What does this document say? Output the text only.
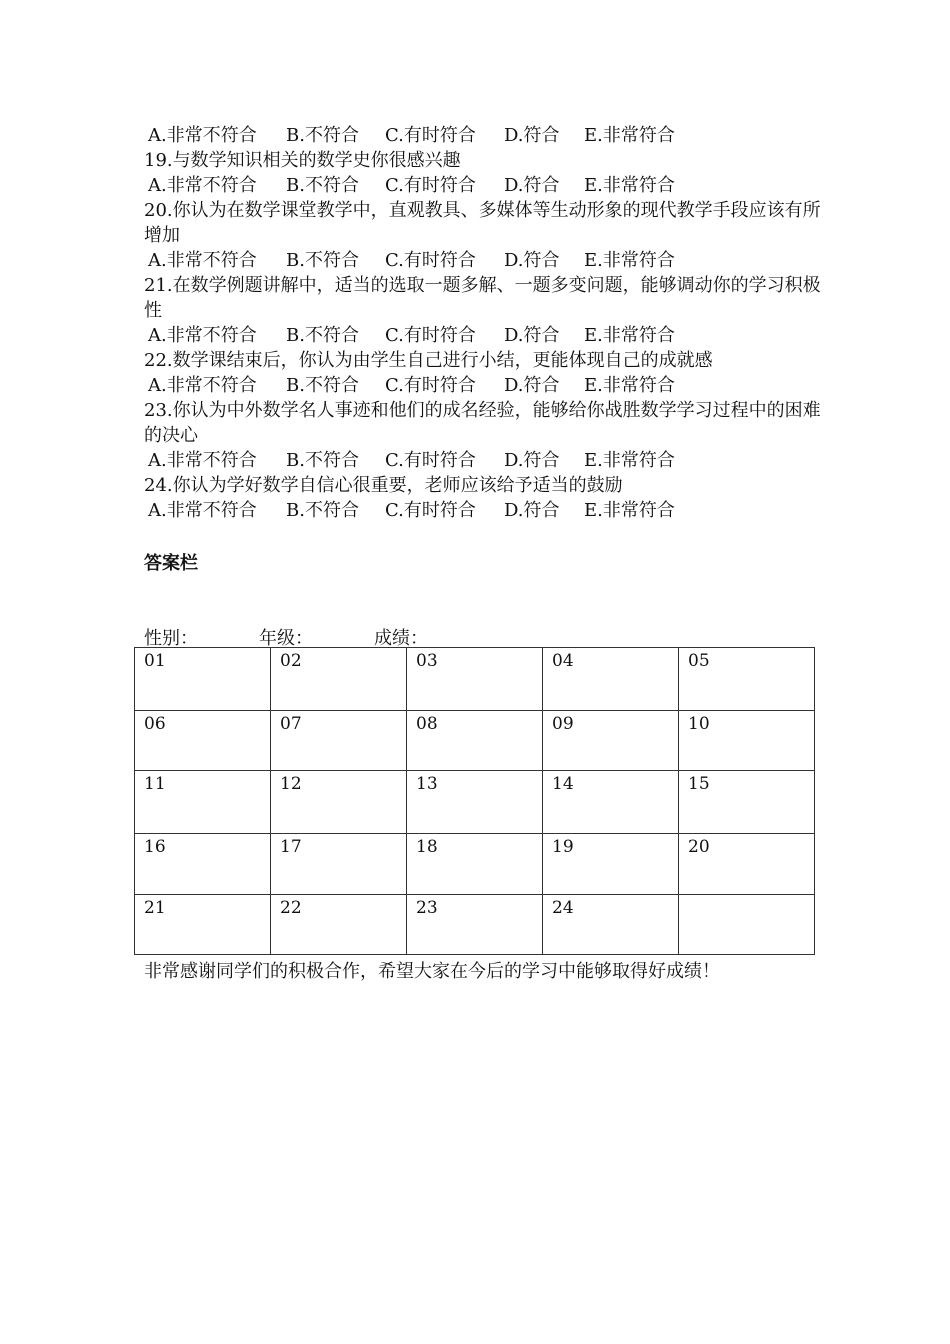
A.非常不符合 B.不符合 C.有时符合 D.符合 E.非常符合
19.与数学知识相关的数学史你很感兴趣
A.非常不符合 B.不符合 C.有时符合 D.符合 E.非常符合
20.你认为在数学课堂教学中，直观教具、多媒体等生动形象的现代教学手段应该有所增加
A.非常不符合 B.不符合 C.有时符合 D.符合 E.非常符合
21.在数学例题讲解中，适当的选取一题多解、一题多变问题，能够调动你的学习积极性
A.非常不符合 B.不符合 C.有时符合 D.符合 E.非常符合
22.数学课结束后，你认为由学生自己进行小结，更能体现自己的成就感
A.非常不符合 B.不符合 C.有时符合 D.符合 E.非常符合
23.你认为中外数学名人事迹和他们的成名经验，能够给你战胜数学学习过程中的困难的决心
A.非常不符合 B.不符合 C.有时符合 D.符合 E.非常符合
24.你认为学好数学自信心很重要，老师应该给予适当的鼓励
A.非常不符合 B.不符合 C.有时符合 D.符合 E.非常符合
答案栏
性别：	年级：	成绩：
01	02	03	04	05
06	07	08	09	10
11	12	13	14	15
16	17	18	19	20
21	22	23	24	
非常感谢同学们的积极合作，希望大家在今后的学习中能够取得好成绩！
